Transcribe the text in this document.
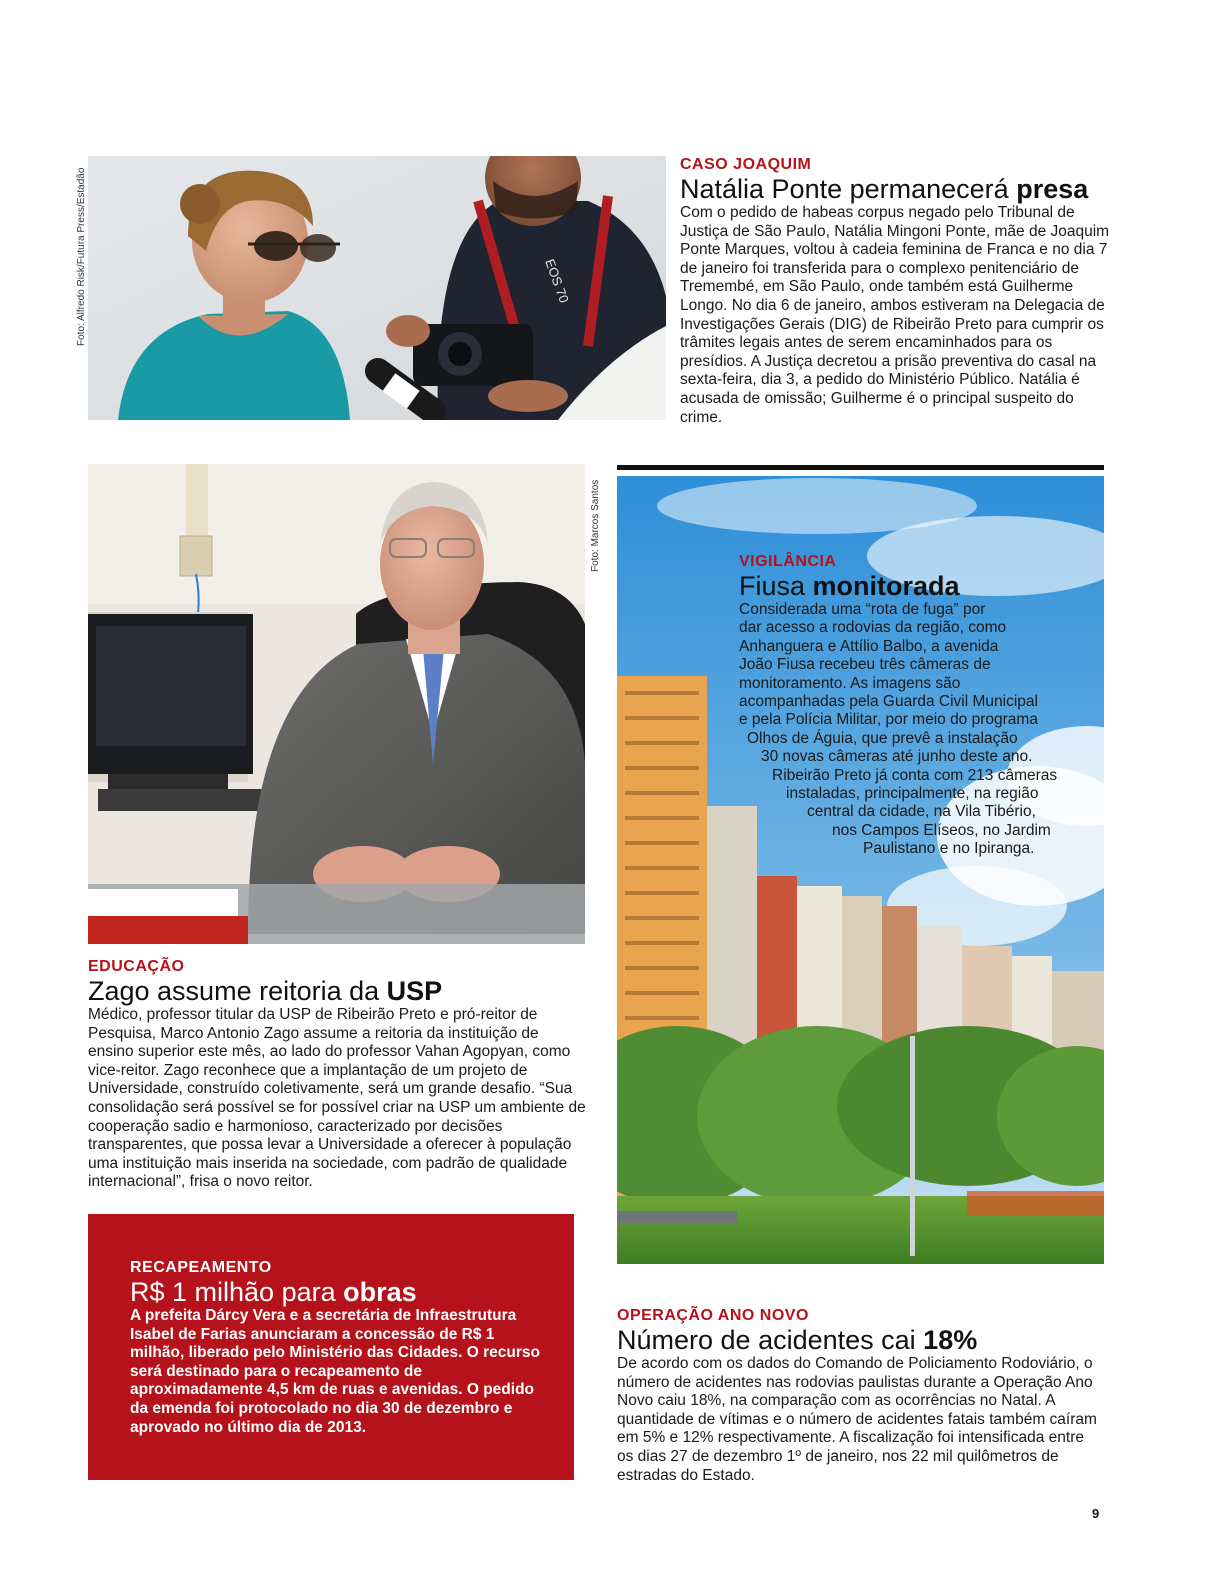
Foto: Alfredo Risk/Futura Press/Estadão	EOS 70

CASO JOAQUIM

Natália Ponte permanecerá presa

Com o pedido de habeas corpus negado pelo Tribunal de Justiça de São Paulo, Natália Mingoni Ponte, mãe de Joaquim Ponte Marques, voltou à cadeia feminina de Franca e no dia 7 de janeiro foi transferida para o complexo penitenciário de Tremembé, em São Paulo, onde também está Guilherme Longo. No dia 6 de janeiro, ambos estiveram na Delegacia de Investigações Gerais (DIG) de Ribeirão Preto para cumprir os trâmites legais antes de serem encaminhados para os presídios. A Justiça decretou a prisão preventiva do casal na sexta-feira, dia 3, a pedido do Ministério Público. Natália é acusada de omissão; Guilherme é o principal suspeito do crime.

Foto: Marcos Santos

EDUCAÇÃO

Zago assume reitoria da USP

Médico, professor titular da USP de Ribeirão Preto e pró-reitor de Pesquisa, Marco Antonio Zago assume a reitoria da instituição de ensino superior este mês, ao lado do professor Vahan Agopyan, como vice-reitor. Zago reconhece que a implantação de um projeto de Universidade, construído coletivamente, será um grande desafio. “Sua consolidação será possível se for possível criar na USP um ambiente de cooperação sadio e harmonioso, caracterizado por decisões transparentes, que possa levar a Universidade a oferecer à população uma instituição mais inserida na sociedade, com padrão de qualidade internacional”, frisa o novo reitor.

VIGILÂNCIA

Fiusa monitorada

Considerada uma “rota de fuga” por
dar acesso a rodovias da região, como
Anhanguera e Attílio Balbo, a avenida
João Fiusa recebeu três câmeras de
monitoramento. As imagens são
acompanhadas pela Guarda Civil Municipal
e pela Polícia Militar, por meio do programa
Olhos de Águia, que prevê a instalação
30 novas câmeras até junho deste ano.
Ribeirão Preto já conta com 213 câmeras
instaladas, principalmente, na região
central da cidade, na Vila Tibério,
nos Campos Elíseos, no Jardim
Paulistano e no Ipiranga.

RECAPEAMENTO

R$ 1 milhão para obras

A prefeita Dárcy Vera e a secretária de Infraestrutura Isabel de Farias anunciaram a concessão de R$ 1 milhão, liberado pelo Ministério das Cidades. O recurso será destinado para o recapeamento de aproximadamente 4,5 km de ruas e avenidas. O pedido da emenda foi protocolado no dia 30 de dezembro e aprovado no último dia de 2013.

OPERAÇÃO ANO NOVO

Número de acidentes cai 18%

De acordo com os dados do Comando de Policiamento Rodoviário, o número de acidentes nas rodovias paulistas durante a Operação Ano Novo caiu 18%, na comparação com as ocorrências no Natal. A quantidade de vítimas e o número de acidentes fatais também caíram em 5% e 12% respectivamente. A fiscalização foi intensificada entre os dias 27 de dezembro 1º de janeiro, nos 22 mil quilômetros de estradas do Estado.

9
